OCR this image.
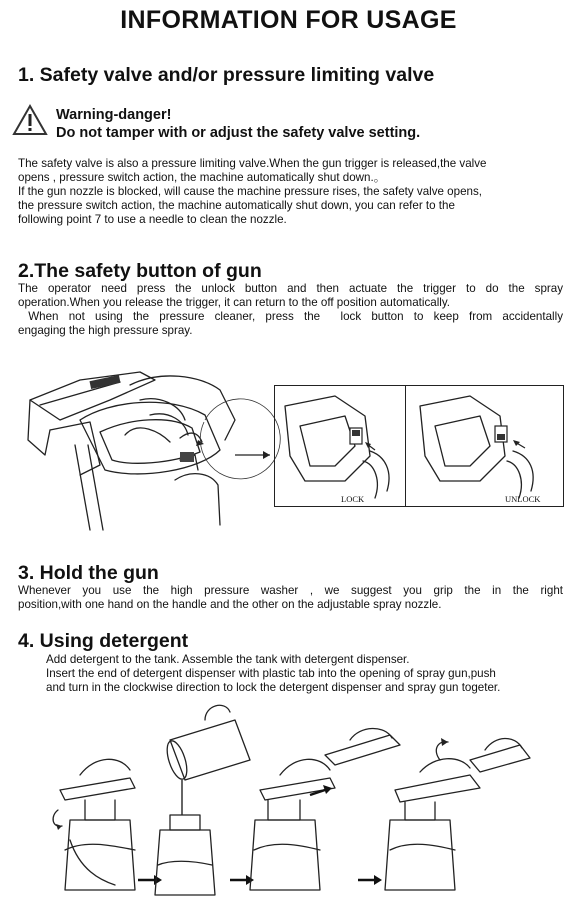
INFORMATION FOR USAGE
1. Safety valve and/or pressure limiting valve
Warning-danger!
Do not tamper with or adjust the safety valve setting.
The safety valve is also a pressure limiting valve.When the gun trigger is released,the valve
opens , pressure switch action, the machine automatically shut down.。
If the gun nozzle is blocked, will cause the machine pressure rises, the safety valve opens,
the pressure switch action, the machine automatically shut down, you can refer to the
following point 7 to use a needle to clean the nozzle.
2.The safety button of gun
The operator need press the unlock button and then actuate the trigger to do the spray
operation.When you release the trigger, it can return to the off position automatically.
When not using the pressure cleaner, press the  lock button to keep from accidentally
engaging the high pressure spray.
LOCK	UNLOCK
3. Hold the gun
Whenever you use the high pressure washer , we suggest you grip the in the right
position,with one hand on the handle and the other on the adjustable spray nozzle.
4. Using detergent
Add detergent to the tank. Assemble the tank with detergent dispenser.
Insert the end of detergent dispenser with plastic tab into the opening of spray gun,push
and turn in the clockwise direction to lock the detergent dispenser and spray gun togeter.
